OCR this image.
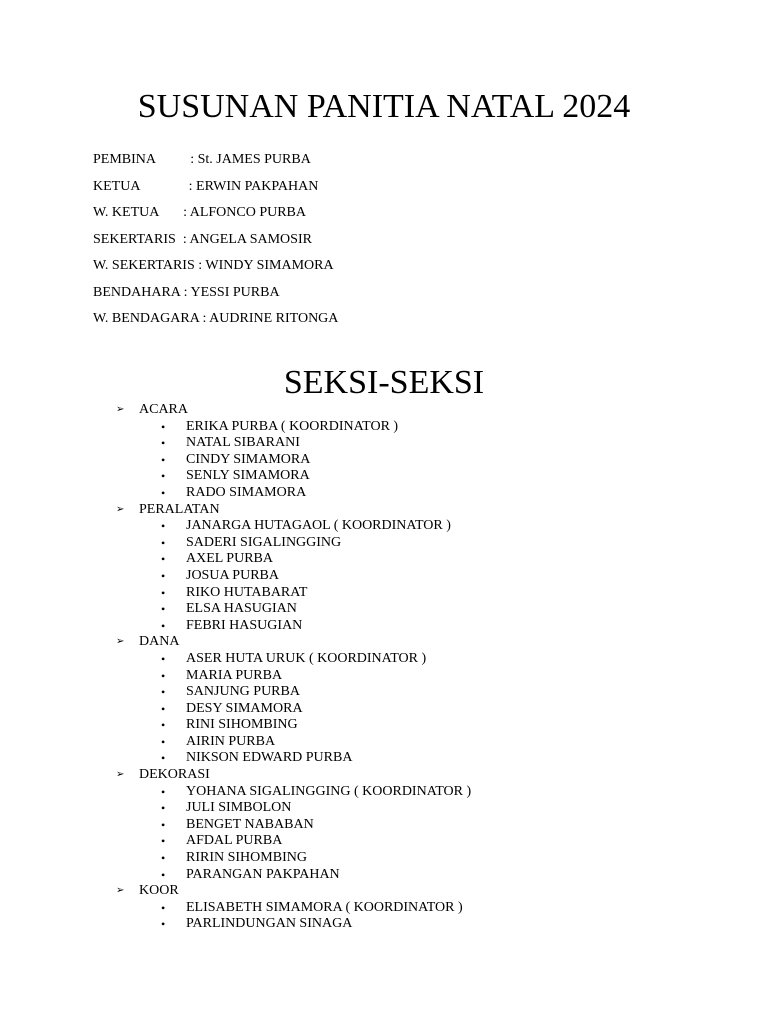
SUSUNAN PANITIA NATAL 2024
PEMBINA          : St. JAMES PURBA
KETUA              : ERWIN PAKPAHAN
W. KETUA       : ALFONCO PURBA
SEKERTARIS  : ANGELA SAMOSIR
W. SEKERTARIS : WINDY SIMAMORA
BENDAHARA : YESSI PURBA
W. BENDAGARA : AUDRINE RITONGA
SEKSI-SEKSI
➢ ACARA
• ERIKA PURBA ( KOORDINATOR )
• NATAL SIBARANI
• CINDY SIMAMORA
• SENLY SIMAMORA
• RADO SIMAMORA
➢ PERALATAN
• JANARGA HUTAGAOL ( KOORDINATOR )
• SADERI SIGALINGGING
• AXEL PURBA
• JOSUA PURBA
• RIKO HUTABARAT
• ELSA HASUGIAN
• FEBRI HASUGIAN
➢ DANA
• ASER HUTA URUK ( KOORDINATOR )
• MARIA PURBA
• SANJUNG PURBA
• DESY SIMAMORA
• RINI SIHOMBING
• AIRIN PURBA
• NIKSON EDWARD PURBA
➢ DEKORASI
• YOHANA SIGALINGGING ( KOORDINATOR )
• JULI SIMBOLON
• BENGET NABABAN
• AFDAL PURBA
• RIRIN SIHOMBING
• PARANGAN PAKPAHAN
➢ KOOR
• ELISABETH SIMAMORA ( KOORDINATOR )
• PARLINDUNGAN SINAGA
